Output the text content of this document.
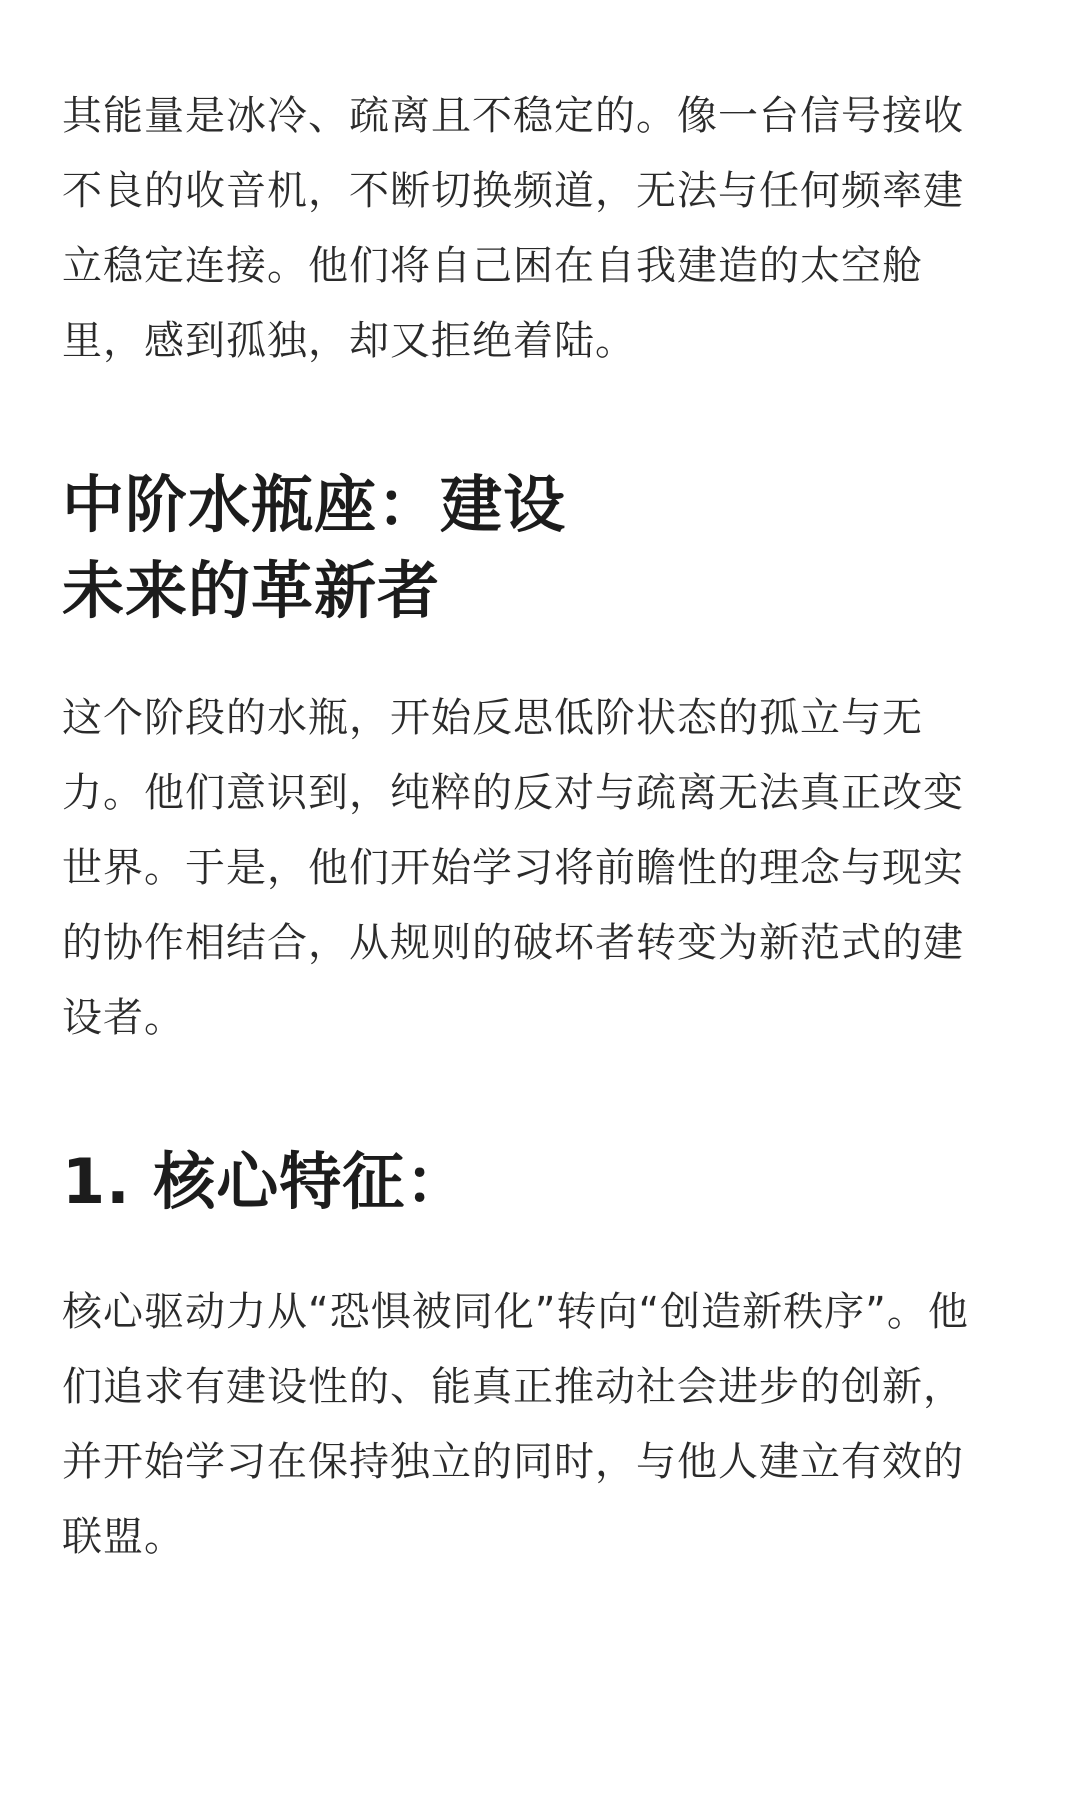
其能量是冰冷、疏离且不稳定的。像一台信号接收
不良的收音机，不断切换频道，无法与任何频率建
立稳定连接。他们将自己困在自我建造的太空舱
里，感到孤独，却又拒绝着陆。

中阶水瓶座：建设
未来的革新者

这个阶段的水瓶，开始反思低阶状态的孤立与无
力。他们意识到，纯粹的反对与疏离无法真正改变
世界。于是，他们开始学习将前瞻性的理念与现实
的协作相结合，从规则的破坏者转变为新范式的建
设者。

1. 核心特征：

核心驱动力从“恐惧被同化”转向“创造新秩序”。他
们追求有建设性的、能真正推动社会进步的创新，
并开始学习在保持独立的同时，与他人建立有效的
联盟。
